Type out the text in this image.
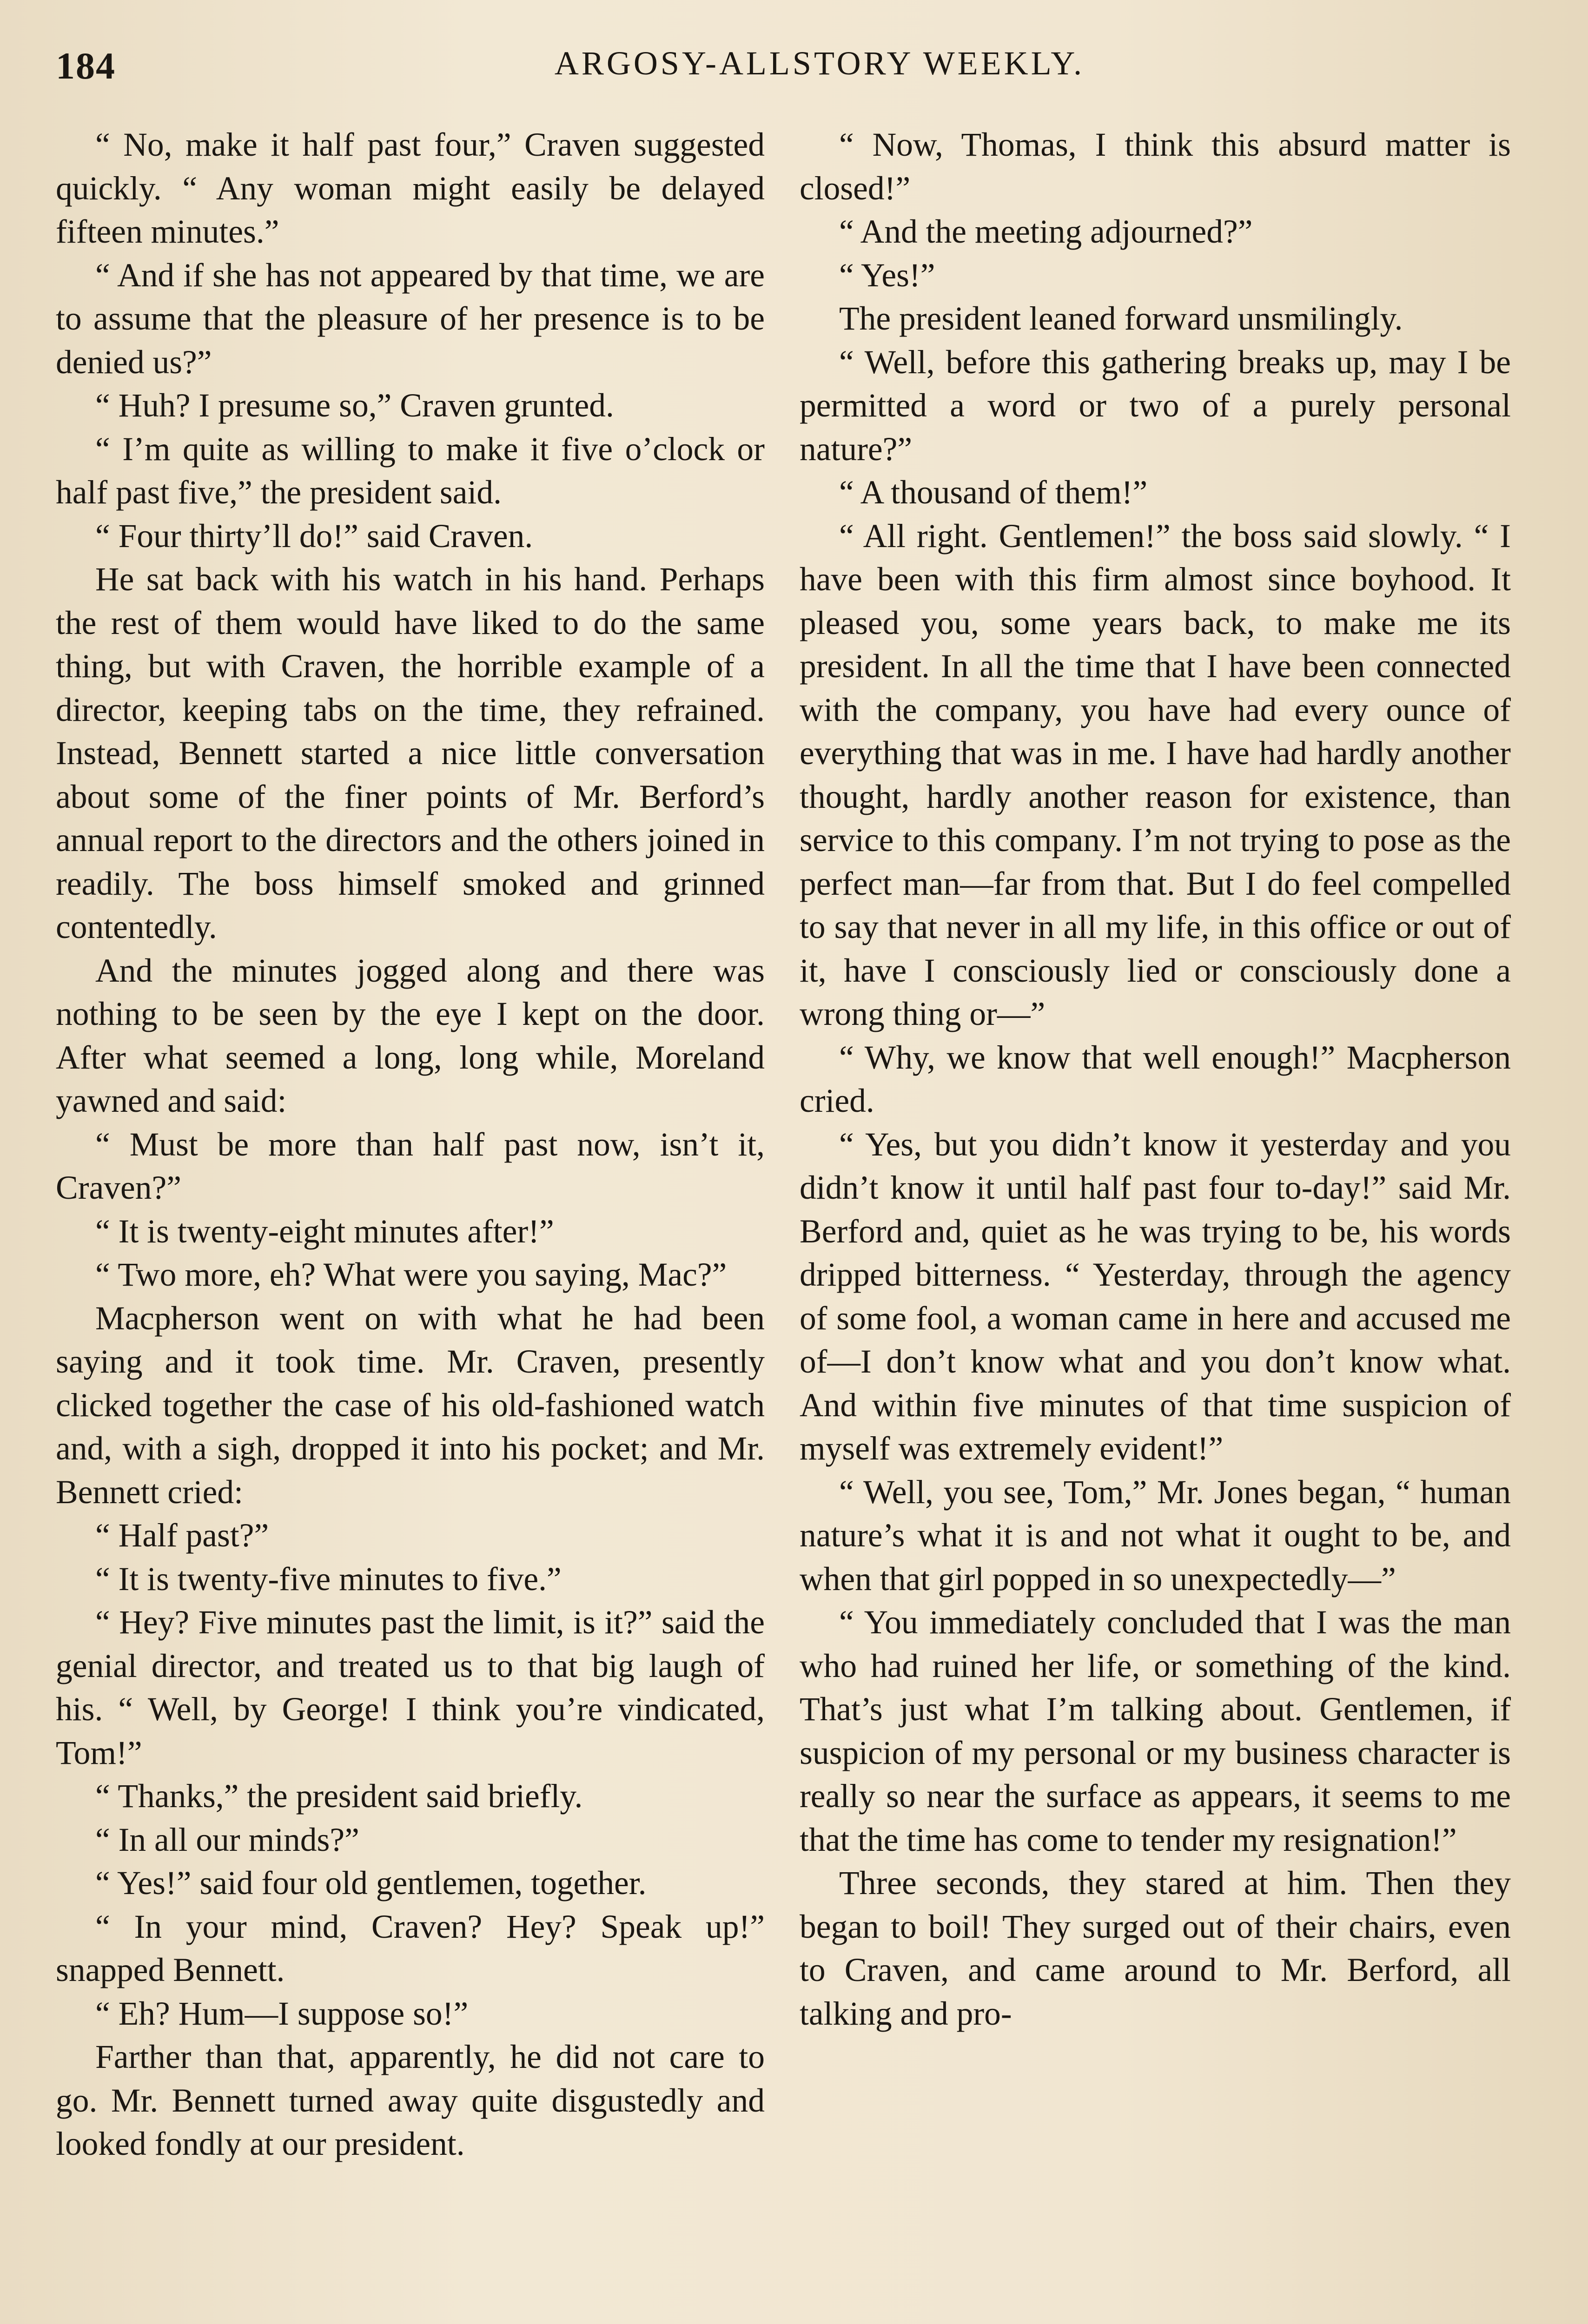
184	ARGOSY-ALLSTORY WEEKLY.

“ No, make it half past four,” Craven suggested quickly. “ Any woman might easily be delayed fifteen minutes.”

“ And if she has not appeared by that time, we are to assume that the pleasure of her presence is to be denied us?”

“ Huh? I presume so,” Craven grunted.

“ I’m quite as willing to make it five o’clock or half past five,” the president said.

“ Four thirty’ll do!” said Craven.

He sat back with his watch in his hand. Perhaps the rest of them would have liked to do the same thing, but with Craven, the horrible example of a director, keeping tabs on the time, they refrained. Instead, Bennett started a nice little conversation about some of the finer points of Mr. Berford’s annual report to the directors and the others joined in readily. The boss himself smoked and grinned contentedly.

And the minutes jogged along and there was nothing to be seen by the eye I kept on the door. After what seemed a long, long while, Moreland yawned and said:

“ Must be more than half past now, isn’t it, Craven?”

“ It is twenty-eight minutes after!”

“ Two more, eh? What were you saying, Mac?”

Macpherson went on with what he had been saying and it took time. Mr. Craven, presently clicked together the case of his old-fashioned watch and, with a sigh, dropped it into his pocket; and Mr. Bennett cried:

“ Half past?”

“ It is twenty-five minutes to five.”

“ Hey? Five minutes past the limit, is it?” said the genial director, and treated us to that big laugh of his. “ Well, by George! I think you’re vindicated, Tom!”

“ Thanks,” the president said briefly.

“ In all our minds?”

“ Yes!” said four old gentlemen, together.

“ In your mind, Craven? Hey? Speak up!” snapped Bennett.

“ Eh? Hum—I suppose so!”

Farther than that, apparently, he did not care to go. Mr. Bennett turned away quite disgustedly and looked fondly at our president.

“ Now, Thomas, I think this absurd matter is closed!”

“ And the meeting adjourned?”

“ Yes!”

The president leaned forward unsmilingly.

“ Well, before this gathering breaks up, may I be permitted a word or two of a purely personal nature?”

“ A thousand of them!”

“ All right. Gentlemen!” the boss said slowly. “ I have been with this firm almost since boyhood. It pleased you, some years back, to make me its president. In all the time that I have been connected with the company, you have had every ounce of everything that was in me. I have had hardly another thought, hardly another reason for existence, than service to this company. I’m not trying to pose as the perfect man—far from that. But I do feel compelled to say that never in all my life, in this office or out of it, have I consciously lied or consciously done a wrong thing or—”

“ Why, we know that well enough!” Macpherson cried.

“ Yes, but you didn’t know it yesterday and you didn’t know it until half past four to-day!” said Mr. Berford and, quiet as he was trying to be, his words dripped bitterness. “ Yesterday, through the agency of some fool, a woman came in here and accused me of—I don’t know what and you don’t know what. And within five minutes of that time suspicion of myself was extremely evident!”

“ Well, you see, Tom,” Mr. Jones began, “ human nature’s what it is and not what it ought to be, and when that girl popped in so unexpectedly—”

“ You immediately concluded that I was the man who had ruined her life, or something of the kind. That’s just what I’m talking about. Gentlemen, if suspicion of my personal or my business character is really so near the surface as appears, it seems to me that the time has come to tender my resignation!”

Three seconds, they stared at him. Then they began to boil! They surged out of their chairs, even to Craven, and came around to Mr. Berford, all talking and pro-
